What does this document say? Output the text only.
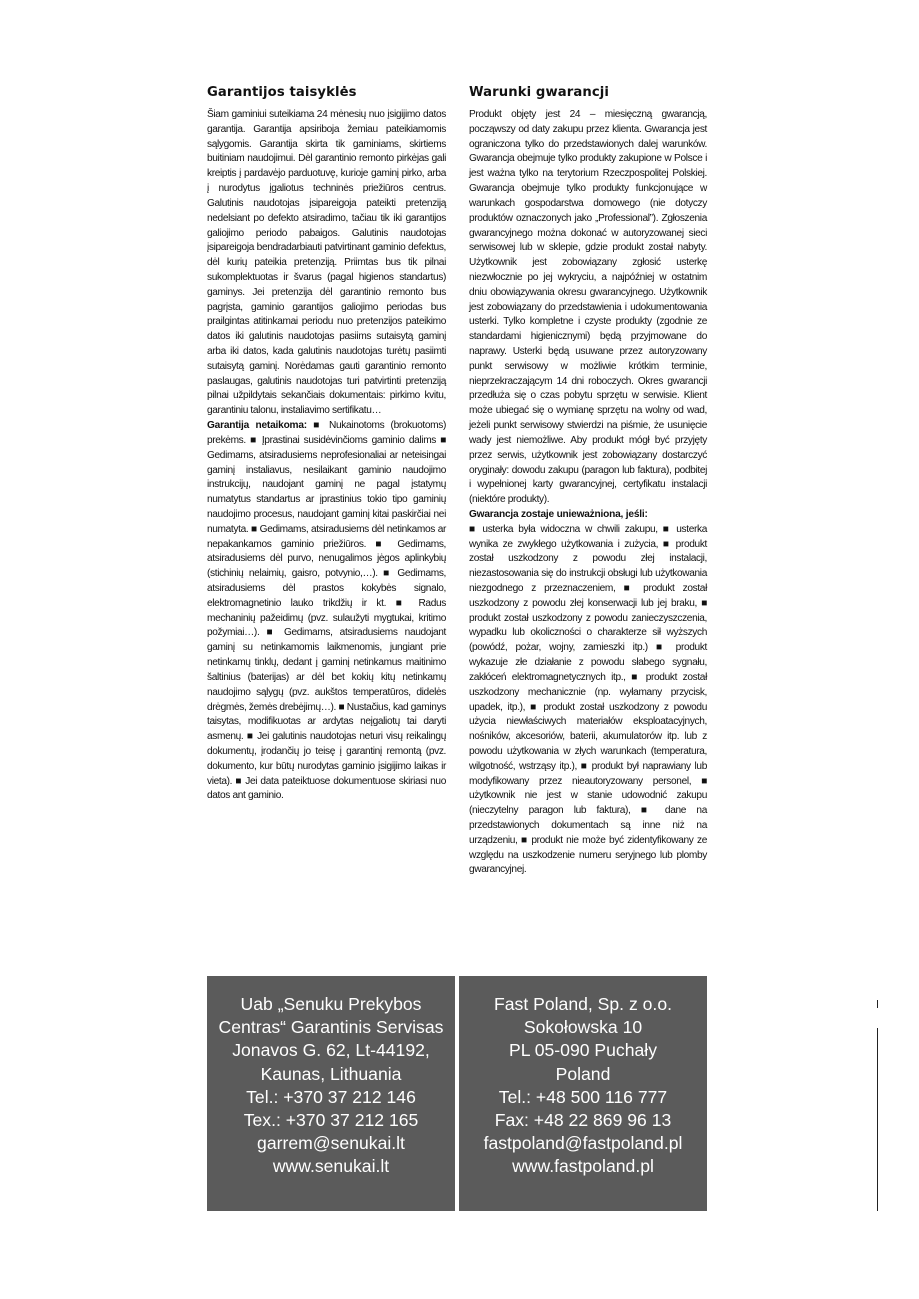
Garantijos taisyklės

Šiam gaminiui suteikiama 24 mėnesių nuo įsigijimo datos garantija. Garantija apsiriboja žemiau pateikiamomis sąlygomis. Garantija skirta tik gaminiams, skirtiems buitiniam naudojimui. Dėl garantinio remonto pirkėjas gali kreiptis į pardavėjo parduotuvę, kurioje gaminį pirko, arba į nurodytus įgaliotus techninės priežiūros centrus. Galutinis naudotojas įsipareigoja pateikti pretenziją nedelsiant po defekto atsiradimo, tačiau tik iki garantijos galiojimo periodo pabaigos. Galutinis naudotojas įsipareigoja bendradarbiauti patvirtinant gaminio defektus, dėl kurių pateikia pretenziją. Priimtas bus tik pilnai sukomplektuotas ir švarus (pagal higienos standartus) gaminys. Jei pretenzija dėl garantinio remonto bus pagrįsta, gaminio garantijos galiojimo periodas bus prailgintas atitinkamai periodu nuo pretenzijos pateikimo datos iki galutinis naudotojas pasiims sutaisytą gaminį arba iki datos, kada galutinis naudotojas turėtų pasiimti sutaisytą gaminį. Norėdamas gauti garantinio remonto paslaugas, galutinis naudotojas turi patvirtinti pretenziją pilnai užpildytais sekančiais dokumentais: pirkimo kvitu, garantiniu talonu, instaliavimo sertifikatu…

Garantija netaikoma: ■ Nukainotoms (brokuotoms) prekėms. ■ Įprastinai susidėvinčioms gaminio dalims ■ Gedimams, atsiradusiems neprofesionaliai ar neteisingai gaminį instaliavus, nesilaikant gaminio naudojimo instrukcijų, naudojant gaminį ne pagal įstatymų numatytus standartus ar įprastinius tokio tipo gaminių naudojimo procesus, naudojant gaminį kitai paskirčiai nei numatyta. ■ Gedimams, atsiradusiems dėl netinkamos ar nepakankamos gaminio priežiūros. ■ Gedimams, atsiradusiems dėl purvo, nenugalimos jėgos aplinkybių (stichinių nelaimių, gaisro, potvynio,…). ■ Gedimams, atsiradusiems dėl prastos kokybės signalo, elektromagnetinio lauko trikdžių ir kt. ■ Radus mechaninių pažeidimų (pvz. sulaužyti mygtukai, kritimo požymiai…). ■ Gedimams, atsiradusiems naudojant gaminį su netinkamomis laikmenomis, jungiant prie netinkamų tinklų, dedant į gaminį netinkamus maitinimo šaltinius (baterijas) ar dėl bet kokių kitų netinkamų naudojimo sąlygų (pvz. aukštos temperatūros, didelės drėgmės, žemės drebėjimų…). ■ Nustačius, kad gaminys taisytas, modifikuotas ar ardytas neįgaliotų tai daryti asmenų. ■ Jei galutinis naudotojas neturi visų reikalingų dokumentų, įrodančių jo teisę į garantinį remontą (pvz. dokumento, kur būtų nurodytas gaminio įsigijimo laikas ir vieta). ■ Jei data pateiktuose dokumentuose skiriasi nuo datos ant gaminio.

Warunki gwarancji

Produkt objęty jest 24 – miesięczną gwarancją, począwszy od daty zakupu przez klienta. Gwarancja jest ograniczona tylko do przedstawionych dalej warunków. Gwarancja obejmuje tylko produkty zakupione w Polsce i jest ważna tylko na terytorium Rzeczpospolitej Polskiej. Gwarancja obejmuje tylko produkty funkcjonujące w warunkach gospodarstwa domowego (nie dotyczy produktów oznaczonych jako „Professional”). Zgłoszenia gwarancyjnego można dokonać w autoryzowanej sieci serwisowej lub w sklepie, gdzie produkt został nabyty. Użytkownik jest zobowiązany zgłosić usterkę niezwłocznie po jej wykryciu, a najpóźniej w ostatnim dniu obowiązywania okresu gwarancyjnego. Użytkownik jest zobowiązany do przedstawienia i udokumentowania usterki. Tylko kompletne i czyste produkty (zgodnie ze standardami higienicznymi) będą przyjmowane do naprawy. Usterki będą usuwane przez autoryzowany punkt serwisowy w możliwie krótkim terminie, nieprzekraczającym 14 dni roboczych. Okres gwarancji przedłuża się o czas pobytu sprzętu w serwisie. Klient może ubiegać się o wymianę sprzętu na wolny od wad, jeżeli punkt serwisowy stwierdzi na piśmie, że usunięcie wady jest niemożliwe. Aby produkt mógł być przyjęty przez serwis, użytkownik jest zobowiązany dostarczyć oryginały: dowodu zakupu (paragon lub faktura), podbitej i wypełnionej karty gwarancyjnej, certyfikatu instalacji (niektóre produkty).

Gwarancja zostaje unieważniona, jeśli:

■ usterka była widoczna w chwili zakupu, ■ usterka wynika ze zwykłego użytkowania i zużycia, ■ produkt został uszkodzony z powodu złej instalacji, niezastosowania się do instrukcji obsługi lub użytkowania niezgodnego z przeznaczeniem, ■ produkt został uszkodzony z powodu złej konserwacji lub jej braku, ■ produkt został uszkodzony z powodu zanieczyszczenia, wypadku lub okoliczności o charakterze sił wyższych (powódź, pożar, wojny, zamieszki itp.) ■ produkt wykazuje złe działanie z powodu słabego sygnału, zakłóceń elektromagnetycznych itp., ■ produkt został uszkodzony mechanicznie (np. wyłamany przycisk, upadek, itp.), ■ produkt został uszkodzony z powodu użycia niewłaściwych materiałów eksploatacyjnych, nośników, akcesoriów, baterii, akumulatorów itp. lub z powodu użytkowania w złych warunkach (temperatura, wilgotność, wstrząsy itp.), ■ produkt był naprawiany lub modyfikowany przez nieautoryzowany personel, ■ użytkownik nie jest w stanie udowodnić zakupu (nieczytelny paragon lub faktura), ■ dane na przedstawionych dokumentach są inne niż na urządzeniu, ■ produkt nie może być zidentyfikowany ze względu na uszkodzenie numeru seryjnego lub plomby gwarancyjnej.

Uab „Senuku Prekybos
Centras“ Garantinis Servisas
Jonavos G. 62, Lt-44192,
Kaunas, Lithuania
Tel.: +370 37 212 146
Tex.: +370 37 212 165
garrem@senukai.lt
www.senukai.lt
Fast Poland, Sp. z o.o.
Sokołowska 10
PL 05-090 Puchały
Poland
Tel.: +48 500 116 777
Fax: +48 22 869 96 13
fastpoland@fastpoland.pl
www.fastpoland.pl
